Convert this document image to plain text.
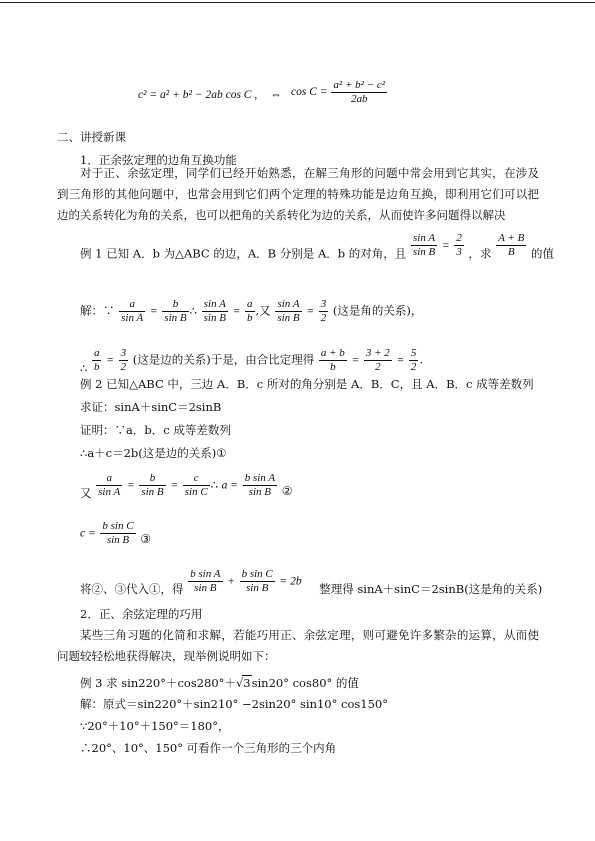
c² = a² + b² − 2ab cos C , ⇔ $\cos C = \frac{\text{a² + b² − c²}}{2ab}$
二、讲授新课
1．正余弦定理的边角互换功能
对于正、余弦定理，同学们已经开始熟悉，在解三角形的问题中常会用到它其实，在涉及到三角形的其他问题中，也常会用到它们两个定理的特殊功能是边角互换，即利用它们可以把边的关系转化为角的关系，也可以把角的关系转化为边的关系，从而使许多问题得以解决
例 1 已知 A．b 为△ABC 的边，A．B 分别是 A．b 的对角，且 $\frac{\text{sin A}}{\text{sin B}} = \frac{2}{3}$ ，求 $\frac{A + B}{B}$ 的值
解：∵ $\frac{a}{\text{sin A}} = \frac{b}{\text{sin B}}$ ∴ $\frac{\text{sin A}}{\text{sin B}} = \frac{a}{b}$ ,又 $\frac{\text{sin A}}{\text{sin B}} = \frac{3}{2}$ (这是角的关系)，
∴ $\frac{a}{b} = \frac{3}{2}$ (这是边的关系)于是，由合比定理得 $\frac{a + b}{b} = \frac{3 + 2}{2} = \frac{5}{2}$ .
例 2 已知△ABC 中，三边 A．B．c 所对的角分别是 A．B．C，且 A．B．c 成等差数列
求证：sinA＋sinC＝2sinB
证明：∵a．b．c 成等差数列
∴a＋c＝2b(这是边的关系)①
又 $\frac{a}{\text{sin A}} = \frac{b}{\text{sin B}} = \frac{c}{\text{sin C}}$ ∴ $a = \frac{\text{b sin A}}{\text{sin B}}$ ②
$c = \frac{\text{b sin C}}{\text{sin B}}$ ③
将②、③代入①，得 $\frac{\text{b sin A}}{\text{sin B}} + \frac{\text{b sin C}}{\text{sin B}} = 2b$ 整理得 sinA＋sinC＝2sinB(这是角的关系)
2．正、余弦定理的巧用
某些三角习题的化简和求解，若能巧用正、余弦定理，则可避免许多繁杂的运算，从而使问题较轻松地获得解决，现举例说明如下：
例 3 求 sin220°＋cos280°＋√3sin20° cos80° 的值
解：原式＝sin220°＋sin210° −2sin20° sin10° cos150°
∵20°＋10°＋150°＝180°，
∴20°、10°、150° 可看作一个三角形的三个内角
